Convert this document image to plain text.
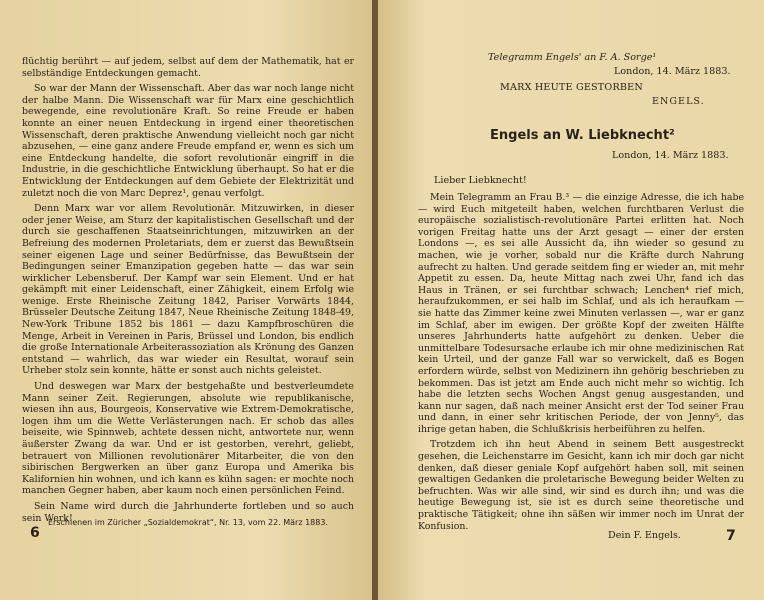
flüchtig berührt — auf jedem, selbst auf dem der Mathematik, hat er selbständige Entdeckungen gemacht.

So war der Mann der Wissenschaft. Aber das war noch lange nicht der halbe Mann. Die Wissenschaft war für Marx eine geschichtlich bewegende, eine revolutionäre Kraft. So reine Freude er haben konnte an einer neuen Entdeckung in irgend einer theoretischen Wissenschaft, deren praktische Anwendung vielleicht noch gar nicht abzusehen, — eine ganz andere Freude empfand er, wenn es sich um eine Entdeckung handelte, die sofort revolutionär eingriff in die Industrie, in die geschichtliche Entwicklung überhaupt. So hat er die Entwicklung der Entdeckungen auf dem Gebiete der Elektrizität und zuletzt noch die von Marc Deprez¹, genau verfolgt.

Denn Marx war vor allem Revolutionär. Mitzuwirken, in dieser oder jener Weise, am Sturz der kapitalistischen Gesellschaft und der durch sie geschaffenen Staatseinrichtungen, mitzuwirken an der Befreiung des modernen Proletariats, dem er zuerst das Bewußtsein seiner eigenen Lage und seiner Bedürfnisse, das Bewußtsein der Bedingungen seiner Emanzipation gegeben hatte — das war sein wirklicher Lebensberuf. Der Kampf war sein Element. Und er hat gekämpft mit einer Leidenschaft, einer Zähigkeit, einem Erfolg wie wenige. Erste Rheinische Zeitung 1842, Pariser Vorwärts 1844, Brüsseler Deutsche Zeitung 1847, Neue Rheinische Zeitung 1848-49, New-York Tribune 1852 bis 1861 — dazu Kampfbroschüren die Menge, Arbeit in Vereinen in Paris, Brüssel und London, bis endlich die große Internationale Arbeiterassoziation als Krönung des Ganzen entstand — wahrlich, das war wieder ein Resultat, worauf sein Urheber stolz sein konnte, hätte er sonst auch nichts geleistet.

Und deswegen war Marx der bestgehaßte und bestverleumdete Mann seiner Zeit. Regierungen, absolute wie republikanische, wiesen ihn aus, Bourgeois, Konservative wie Extrem-Demokratische, logen ihm um die Wette Verlästerungen nach. Er schob das alles beiseite, wie Spinnweb, achtete dessen nicht, antwortete nur, wenn äußerster Zwang da war. Und er ist gestorben, verehrt, geliebt, betrauert von Millionen revolutionärer Mitarbeiter, die von den sibirischen Bergwerken an über ganz Europa und Amerika bis Kalifornien hin wohnen, und ich kann es kühn sagen: er mochte noch manchen Gegner haben, aber kaum noch einen persönlichen Feind.

Sein Name wird durch die Jahrhunderte fortleben und so auch sein Werk!

6
Erschienen im Züricher „Sozialdemokrat“, Nr. 13, vom 22. März 1883.
Telegramm Engels' an F. A. Sorge¹
London, 14. März 1883.
MARX HEUTE GESTORBEN
ENGELS.
Engels an W. Liebknecht²
London, 14. März 1883.
Lieber Liebknecht!

Mein Telegramm an Frau B.³ — die einzige Adresse, die ich habe — wird Euch mitgeteilt haben, welchen furchtbaren Verlust die europäische sozialistisch-revolutionäre Partei erlitten hat. Noch vorigen Freitag hatte uns der Arzt gesagt — einer der ersten Londons —, es sei alle Aussicht da, ihn wieder so gesund zu machen, wie je vorher, sobald nur die Kräfte durch Nahrung aufrecht zu halten. Und gerade seitdem fing er wieder an, mit mehr Appetit zu essen. Da, heute Mittag nach zwei Uhr, fand ich das Haus in Tränen, er sei furchtbar schwach; Lenchen⁴ rief mich, heraufzukommen, er sei halb im Schlaf, und als ich heraufkam — sie hatte das Zimmer keine zwei Minuten verlassen —, war er ganz im Schlaf, aber im ewigen. Der größte Kopf der zweiten Hälfte unseres Jahrhunderts hatte aufgehört zu denken. Ueber die unmittelbare Todesursache erlaube ich mir ohne medizinischen Rat kein Urteil, und der ganze Fall war so verwickelt, daß es Bogen erfordern würde, selbst von Medizinern ihn gehörig beschrieben zu bekommen. Das ist jetzt am Ende auch nicht mehr so wichtig. Ich habe die letzten sechs Wochen Angst genug ausgestanden, und kann nur sagen, daß nach meiner Ansicht erst der Tod seiner Frau und dann, in einer sehr kritischen Periode, der von Jenny⁵, das ihrige getan haben, die Schlußkrisis herbeiführen zu helfen.

Trotzdem ich ihn heut Abend in seinem Bett ausgestreckt gesehen, die Leichenstarre im Gesicht, kann ich mir doch gar nicht denken, daß dieser geniale Kopf aufgehört haben soll, mit seinen gewaltigen Gedanken die proletarische Bewegung beider Welten zu befruchten. Was wir alle sind, wir sind es durch ihn; und was die heutige Bewegung ist, sie ist es durch seine theoretische und praktische Tätigkeit; ohne ihn säßen wir immer noch im Unrat der Konfusion.

Dein F. Engels.	7
